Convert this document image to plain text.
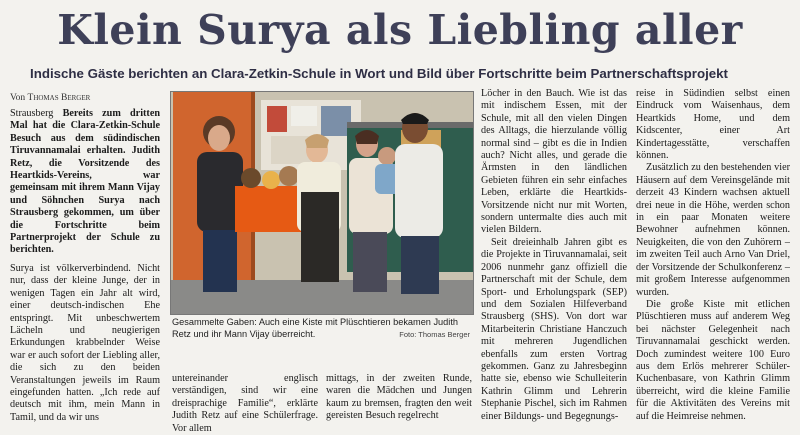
Klein Surya als Liebling aller
Indische Gäste berichten an Clara-Zetkin-Schule in Wort und Bild über Fortschritte beim Partnerschaftsprojekt
Von Thomas Berger

Strausberg Bereits zum dritten Mal hat die Clara-Zetkin-Schule Besuch aus dem südindischen Tiruvannamalai erhalten. Judith Retz, die Vorsitzende des Heartkids-Vereins, war gemeinsam mit ihrem Mann Vijay und Söhnchen Surya nach Strausberg gekommen, um über die Fortschritte beim Partnerprojekt der Schule zu berichten.

Surya ist völkerverbindend. Nicht nur, dass der kleine Junge, der in wenigen Tagen ein Jahr alt wird, einer deutsch-indischen Ehe entspringt. Mit unbeschwertem Lächeln und neugierigen Erkundungen krabbelnder Weise war er auch sofort der Liebling aller, die sich zu den beiden Veranstaltungen jeweils im Raum eingefunden hatten. „Ich rede auf deutsch mit ihm, mein Mann in Tamil, und da wir uns

Gesammelte Gaben: Auch eine Kiste mit Plüschtieren bekamen Judith Retz und ihr Mann Vijay überreicht.	Foto: Thomas Berger
untereinander englisch verständigen, sind wir eine dreisprachige Familie“, erklärte Judith Retz auf eine Schülerfrage. Vor allem
mittags, in der zweiten Runde, waren die Mädchen und Jungen kaum zu bremsen, fragten den weit gereisten Besuch regelrecht

Löcher in den Bauch. Wie ist das mit indischem Essen, mit der Schule, mit all den vielen Dingen des Alltags, die hierzulande völlig normal sind – gibt es die in Indien auch? Nicht alles, und gerade die Ärmsten in den ländlichen Gebieten führen ein sehr einfaches Leben, erklärte die Heartkids-Vorsitzende nicht nur mit Worten, sondern untermalte dies auch mit vielen Bildern.

Seit dreieinhalb Jahren gibt es die Projekte in Tiruvannamalai, seit 2006 nunmehr ganz offiziell die Partnerschaft mit der Schule, dem Sport- und Erholungspark (SEP) und dem Sozialen Hilfeverband Strausberg (SHS). Von dort war Mitarbeiterin Christiane Hanczuch mit mehreren Jugendlichen ebenfalls zum ersten Vortrag gekommen. Ganz zu Jahresbeginn hatte sie, ebenso wie Schulleiterin Kathrin Glimm und Lehrerin Stephanie Pischel, sich im Rahmen einer Bildungs- und Begegnungs-

reise in Südindien selbst einen Eindruck vom Waisenhaus, dem Heartkids Home, und dem Kidscenter, einer Art Kindertagesstätte, verschaffen können.

Zusätzlich zu den bestehenden vier Häusern auf dem Vereinsgelände mit derzeit 43 Kindern wachsen aktuell drei neue in die Höhe, werden schon in ein paar Monaten weitere Bewohner aufnehmen können. Neuigkeiten, die von den Zuhörern – im zweiten Teil auch Arno Van Driel, der Vorsitzende der Schulkonferenz – mit großem Interesse aufgenommen wurden.

Die große Kiste mit etlichen Plüschtieren muss auf anderem Weg bei nächster Gelegenheit nach Tiruvannamalai geschickt werden. Doch zumindest weitere 100 Euro aus dem Erlös mehrerer Schüler-Kuchenbasare, von Kathrin Glimm überreicht, wird die kleine Familie für die Aktivitäten des Vereins mit auf die Heimreise nehmen.
